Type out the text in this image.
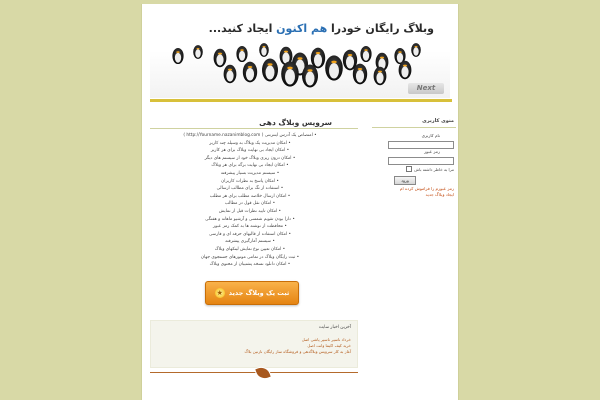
وبلاگ رایگان خودرا هم اکنون ایجاد کنید...
Next
سرویس وبلاگ دهی
• امتصاص یک آدرس اینترنتی ( http://Yourname.nazanimblog.com )
• امکان مدیریت یک وبلاگ به وسیله چند کاربر
• امکان ایجاد بی نهایت وبلاگ برای هر کاربر
• امکان درون ریزی وبلاگ خود از سیستم های دیگر
• امکان ایجاد بی نهایت برگه برای هر وبلاگ
• سیستم مدیریت بسیار پیشرفته
• امکان پاسخ به نظرات کاربران
• استفاده از تگ برای مطالب ارسالی
• امکان ارسال خلاصه مطلب برای هر مطلب
• امکان نقل قول در مطالب
• امکان تایید نظرات قبل از نمایش
• دارا بودن تقویم شمسی و آرشیو ماهانه و هفتگی
• محافظت از نوشته ها به کمک رمز عبور
• امکان استفاده از قالبهای حرفه ای و فارسی
• سیستم آمارگیری پیشرفته
• امکان تعیین نوع نمایش لینکهای وبلاگ
• ثبت رایگان وبلاگ در تمامی موتورهای جستجوی جهان
• امکان دانلود نسخه پشتیبان از محتوی وبلاگ
ثبت یک وبلاگ جدید
★
آخرین اخبار سایت
خرداد ناسپر ناسپر پاشی اصل
خرید کیف اکیما وانت اصل
آغاز به کار سرویس وبلاگدهی و فروشگاه ساز رایگان نازنین بلاگ
منوی کاربری
نام کاربری
رمز عبور
مرا به خاطر داشته باش
ورود
رمز عبورم را فراموش کرده ام
ایجاد وبلاگ جدید
